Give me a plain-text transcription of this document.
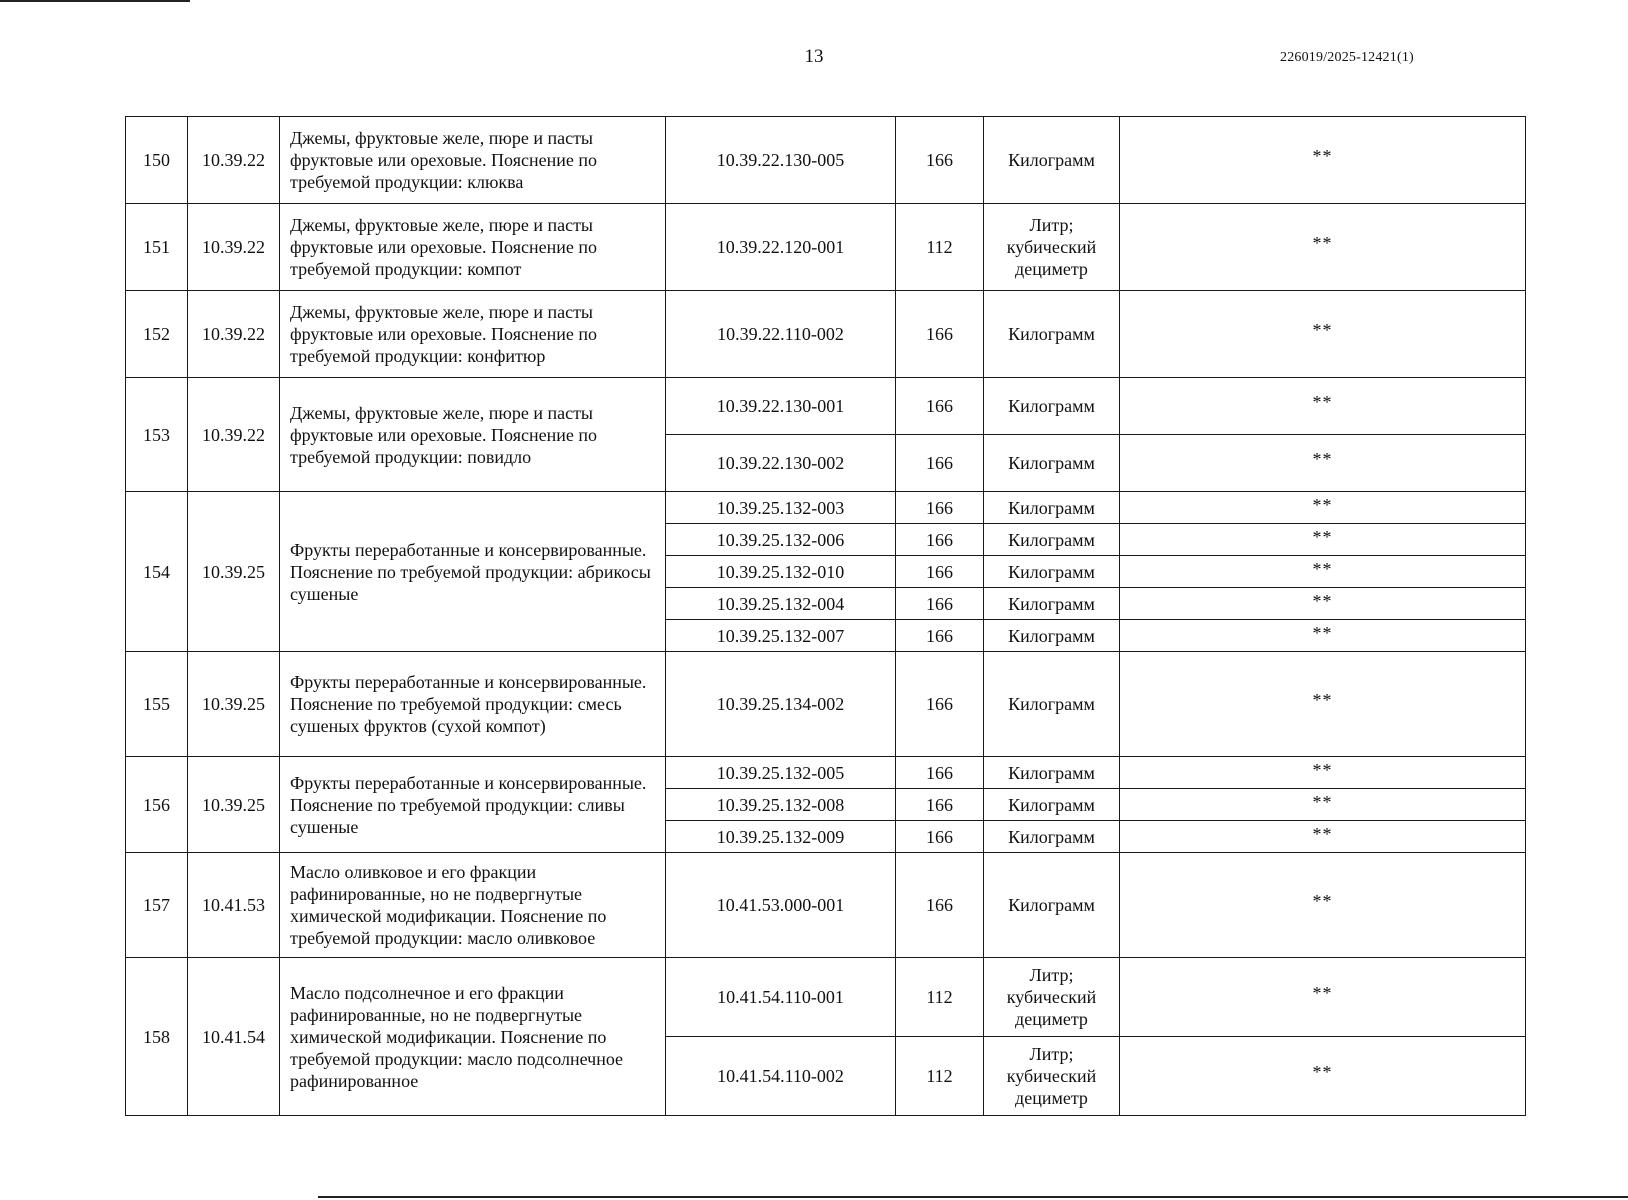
13	226019/2025-12421(1)
150	10.39.22	Джемы, фруктовые желе, пюре и пасты фруктовые или ореховые. Пояснение по требуемой продукции: клюква	10.39.22.130-005	166	Килограмм	**
151	10.39.22	Джемы, фруктовые желе, пюре и пасты фруктовые или ореховые. Пояснение по требуемой продукции: компот	10.39.22.120-001	112	Литр; кубический дециметр	**
152	10.39.22	Джемы, фруктовые желе, пюре и пасты фруктовые или ореховые. Пояснение по требуемой продукции: конфитюр	10.39.22.110-002	166	Килограмм	**
153	10.39.22	Джемы, фруктовые желе, пюре и пасты фруктовые или ореховые. Пояснение по требуемой продукции: повидло	10.39.22.130-001	166	Килограмм	**
			10.39.22.130-002	166	Килограмм	**
154	10.39.25	Фрукты переработанные и консервированные. Пояснение по требуемой продукции: абрикосы сушеные	10.39.25.132-003	166	Килограмм	**
			10.39.25.132-006	166	Килограмм	**
			10.39.25.132-010	166	Килограмм	**
			10.39.25.132-004	166	Килограмм	**
			10.39.25.132-007	166	Килограмм	**
155	10.39.25	Фрукты переработанные и консервированные. Пояснение по требуемой продукции: смесь сушеных фруктов (сухой компот)	10.39.25.134-002	166	Килограмм	**
156	10.39.25	Фрукты переработанные и консервированные. Пояснение по требуемой продукции: сливы сушеные	10.39.25.132-005	166	Килограмм	**
			10.39.25.132-008	166	Килограмм	**
			10.39.25.132-009	166	Килограмм	**
157	10.41.53	Масло оливковое и его фракции рафинированные, но не подвергнутые химической модификации. Пояснение по требуемой продукции: масло оливковое	10.41.53.000-001	166	Килограмм	**
158	10.41.54	Масло подсолнечное и его фракции рафинированные, но не подвергнутые химической модификации. Пояснение по требуемой продукции: масло подсолнечное рафинированное	10.41.54.110-001	112	Литр; кубический дециметр	**
			10.41.54.110-002	112	Литр; кубический дециметр	**
